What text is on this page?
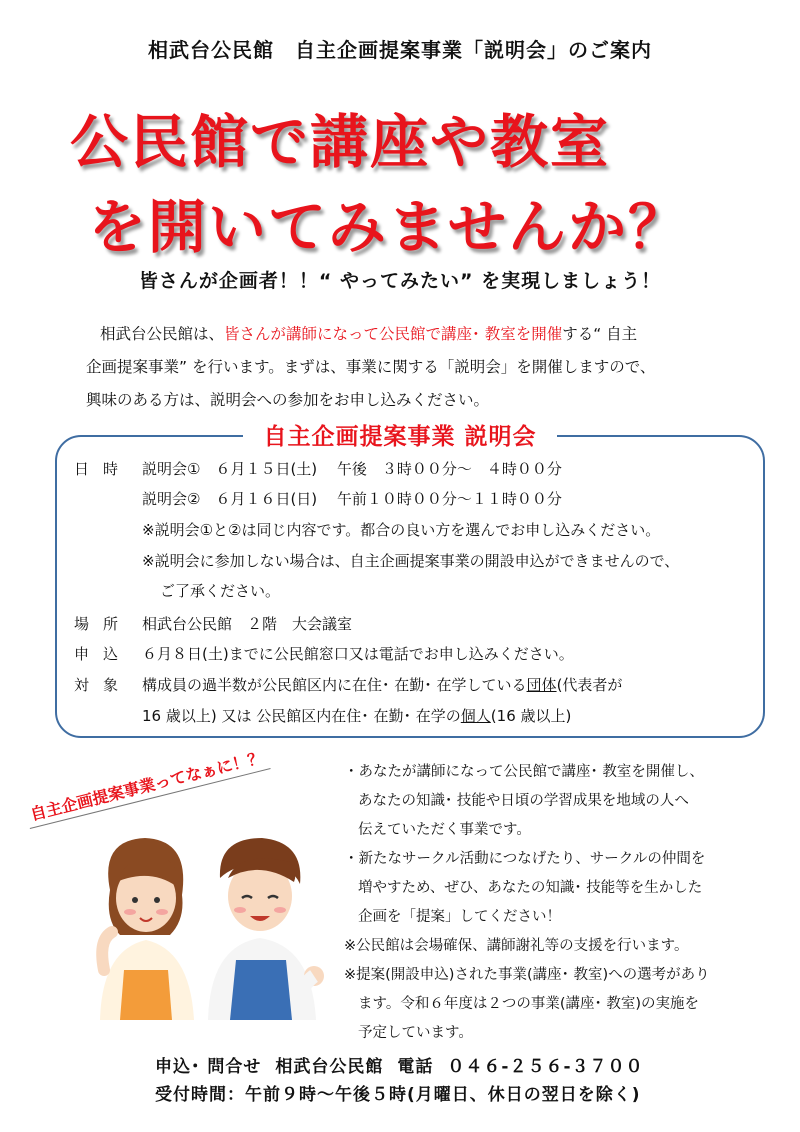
相武台公民館　自主企画提案事業「説明会」のご案内
公民館で講座や教室
を開いてみませんか？
皆さんが企画者！！“ やってみたい” を実現しましょう！

相武台公民館は、皆さんが講師になって公民館で講座･ 教室を開催する“ 自主

企画提案事業” を行います。まずは、事業に関する「説明会」を開催しますので、

興味のある方は、説明会への参加をお申し込みください。

自主企画提案事業 説明会
日時 説明会①　６月１５日(土)　 午後　３時００分～　４時００分
説明会②　６月１６日(日)　 午前１０時００分～１１時００分
※説明会①と②は同じ内容です。都合の良い方を選んでお申し込みください。
※説明会に参加しない場合は、自主企画提案事業の開設申込ができませんので、
ご了承ください。
場所 相武台公民館　２階　大会議室
申込 ６月８日(土)までに公民館窓口又は電話でお申し込みください。
対象 構成員の過半数が公民館区内に在住･ 在勤･ 在学している団体(代表者が
16 歳以上) 又は 公民館区内在住･ 在勤･ 在学の個人(16 歳以上)
自主企画提案事業ってなぁに！？	・あなたが講師になって公民館で講座･ 教室を開催し、

あなたの知識･ 技能や日頃の学習成果を地域の人へ

伝えていただく事業です。

・新たなサークル活動につなげたり、サークルの仲間を

増やすため、ぜひ、あなたの知識･ 技能等を生かした

企画を「提案」してください！

※公民館は会場確保、講師謝礼等の支援を行います。

※提案(開設申込)された事業(講座･ 教室)への選考があり

ます。令和６年度は２つの事業(講座･ 教室)の実施を

予定しています。

申込･ 問合せ 相武台公民館 電話 ０４６-２５６-３７００
受付時間：午前９時～午後５時(月曜日、休日の翌日を除く)
